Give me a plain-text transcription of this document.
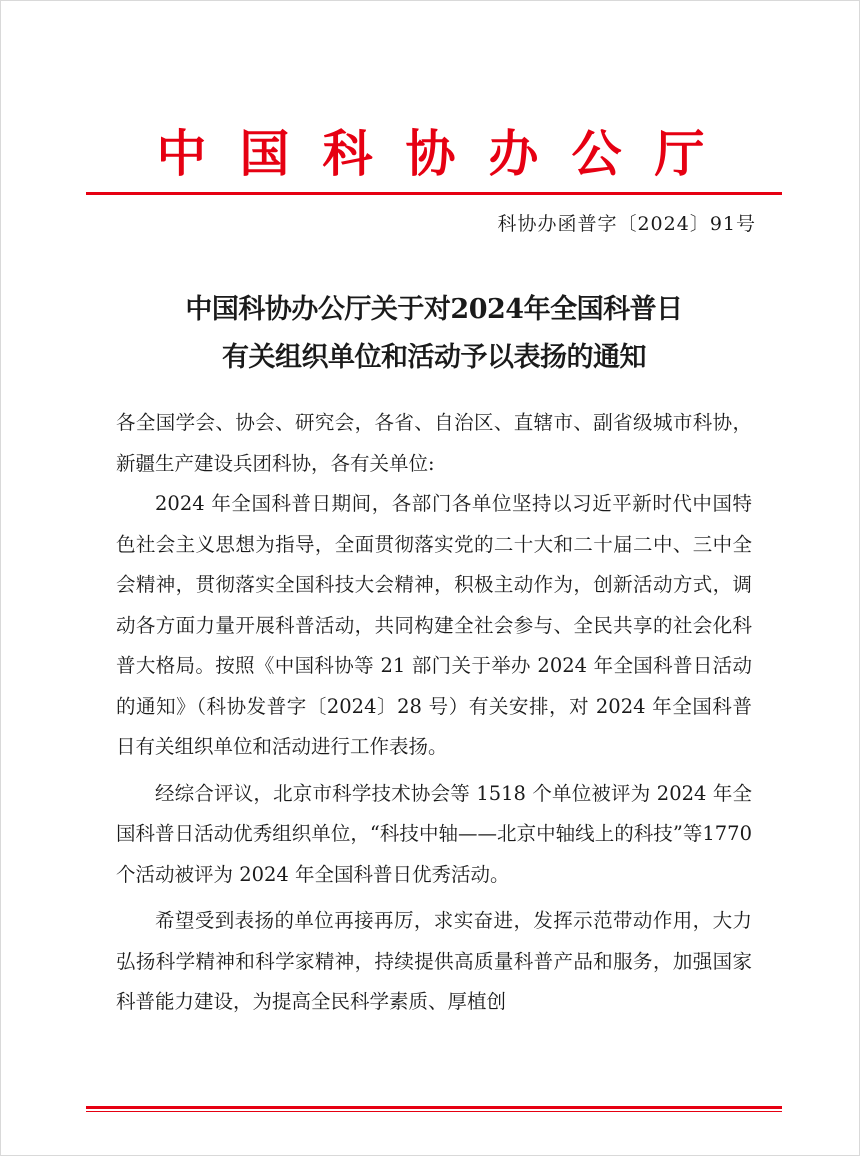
中国科协办公厅
科协办函普字〔2024〕91号
中国科协办公厅关于对2024年全国科普日
有关组织单位和活动予以表扬的通知

各全国学会、协会、研究会，各省、自治区、直辖市、副省级城市科协，新疆生产建设兵团科协，各有关单位:

2024 年全国科普日期间，各部门各单位坚持以习近平新时代中国特色社会主义思想为指导，全面贯彻落实党的二十大和二十届二中、三中全会精神，贯彻落实全国科技大会精神，积极主动作为，创新活动方式，调动各方面力量开展科普活动，共同构建全社会参与、全民共享的社会化科普大格局。按照《中国科协等 21 部门关于举办 2024 年全国科普日活动的通知》（科协发普字〔2024〕28 号）有关安排，对 2024 年全国科普日有关组织单位和活动进行工作表扬。

经综合评议，北京市科学技术协会等 1518 个单位被评为 2024 年全国科普日活动优秀组织单位，“科技中轴——北京中轴线上的科技”等1770个活动被评为 2024 年全国科普日优秀活动。

希望受到表扬的单位再接再厉，求实奋进，发挥示范带动作用，大力弘扬科学精神和科学家精神，持续提供高质量科普产品和服务，加强国家科普能力建设，为提高全民科学素质、厚植创
